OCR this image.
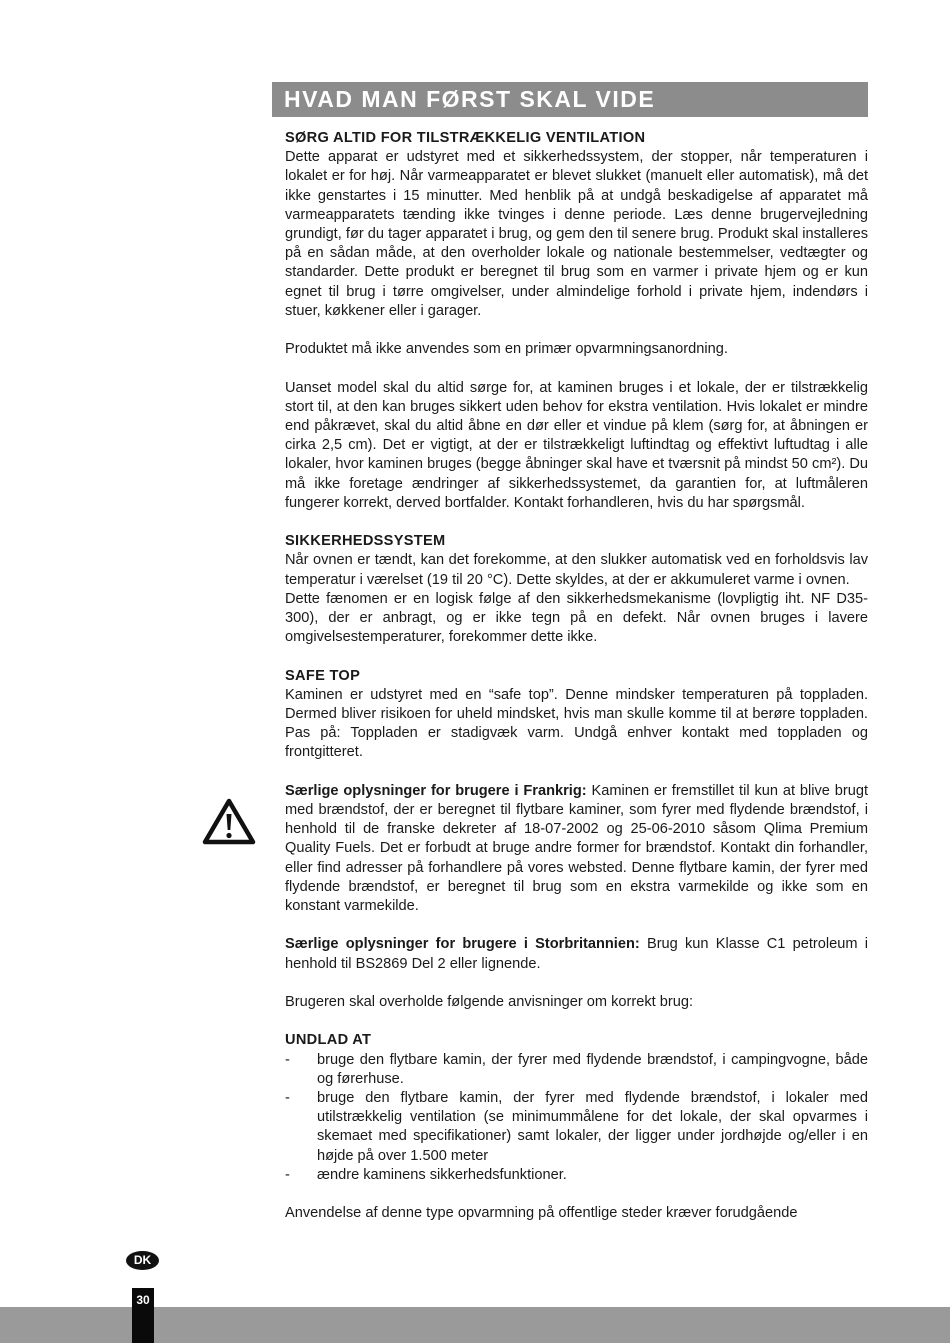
HVAD MAN FØRST SKAL VIDE

SØRG ALTID FOR TILSTRÆKKELIG VENTILATION

Dette apparat er udstyret med et sikkerhedssystem, der stopper, når temperaturen i lokalet er for høj. Når varmeapparatet er blevet slukket (manuelt eller automatisk), må det ikke genstartes i 15 minutter. Med henblik på at undgå beskadigelse af apparatet må varmeapparatets tænding ikke tvinges i denne periode. Læs denne brugervejledning grundigt, før du tager apparatet i brug, og gem den til senere brug. Produkt skal installeres på en sådan måde, at den overholder lokale og nationale bestemmelser, vedtægter og standarder. Dette produkt er beregnet til brug som en varmer i private hjem og er kun egnet til brug i tørre omgivelser, under almindelige forhold i private hjem, indendørs i stuer, køkkener eller i garager.

Produktet må ikke anvendes som en primær opvarmningsanordning.

Uanset model skal du altid sørge for, at kaminen bruges i et lokale, der er tilstrækkelig stort til, at den kan bruges sikkert uden behov for ekstra ventilation. Hvis lokalet er mindre end påkrævet, skal du altid åbne en dør eller et vindue på klem (sørg for, at åbningen er cirka 2,5 cm). Det er vigtigt, at der er tilstrækkeligt luftindtag og effektivt luftudtag i alle lokaler, hvor kaminen bruges (begge åbninger skal have et tværsnit på mindst 50 cm²). Du må ikke foretage ændringer af sikkerhedssystemet, da garantien for, at luftmåleren fungerer korrekt, derved bortfalder. Kontakt forhandleren, hvis du har spørgsmål.

SIKKERHEDSSYSTEM

Når ovnen er tændt, kan det forekomme, at den slukker automatisk ved en forholdsvis lav temperatur i værelset (19 til 20 °C). Dette skyldes, at der er akkumuleret varme i ovnen.

Dette fænomen er en logisk følge af den sikkerhedsmekanisme (lovpligtig iht. NF D35-300), der er anbragt, og er ikke tegn på en defekt. Når ovnen bruges i lavere omgivelsestemperaturer, forekommer dette ikke.

SAFE TOP

Kaminen er udstyret med en “safe top”. Denne mindsker temperaturen på toppladen. Dermed bliver risikoen for uheld mindsket, hvis man skulle komme til at berøre toppladen. Pas på: Toppladen er stadigvæk varm. Undgå enhver kontakt med toppladen og frontgitteret.

Særlige oplysninger for brugere i Frankrig: Kaminen er fremstillet til kun at blive brugt med brændstof, der er beregnet til flytbare kaminer, som fyrer med flydende brændstof, i henhold til de franske dekreter af 18-07-2002 og 25-06-2010 såsom Qlima Premium Quality Fuels. Det er forbudt at bruge andre former for brændstof. Kontakt din forhandler, eller find adresser på forhandlere på vores websted. Denne flytbare kamin, der fyrer med flydende brændstof, er beregnet til brug som en ekstra varmekilde og ikke som en konstant varmekilde.

Særlige oplysninger for brugere i Storbritannien: Brug kun Klasse C1 petroleum i henhold til BS2869 Del 2 eller lignende.

Brugeren skal overholde følgende anvisninger om korrekt brug:

UNDLAD AT

- bruge den flytbare kamin, der fyrer med flydende brændstof, i campingvogne, både og førerhuse.
- bruge den flytbare kamin, der fyrer med flydende brændstof, i lokaler med utilstrækkelig ventilation (se minimummålene for det lokale, der skal opvarmes i skemaet med specifikationer) samt lokaler, der ligger under jordhøjde og/eller i en højde på over 1.500 meter
- ændre kaminens sikkerhedsfunktioner.

Anvendelse af denne type opvarmning på offentlige steder kræver forudgående

DK
30
